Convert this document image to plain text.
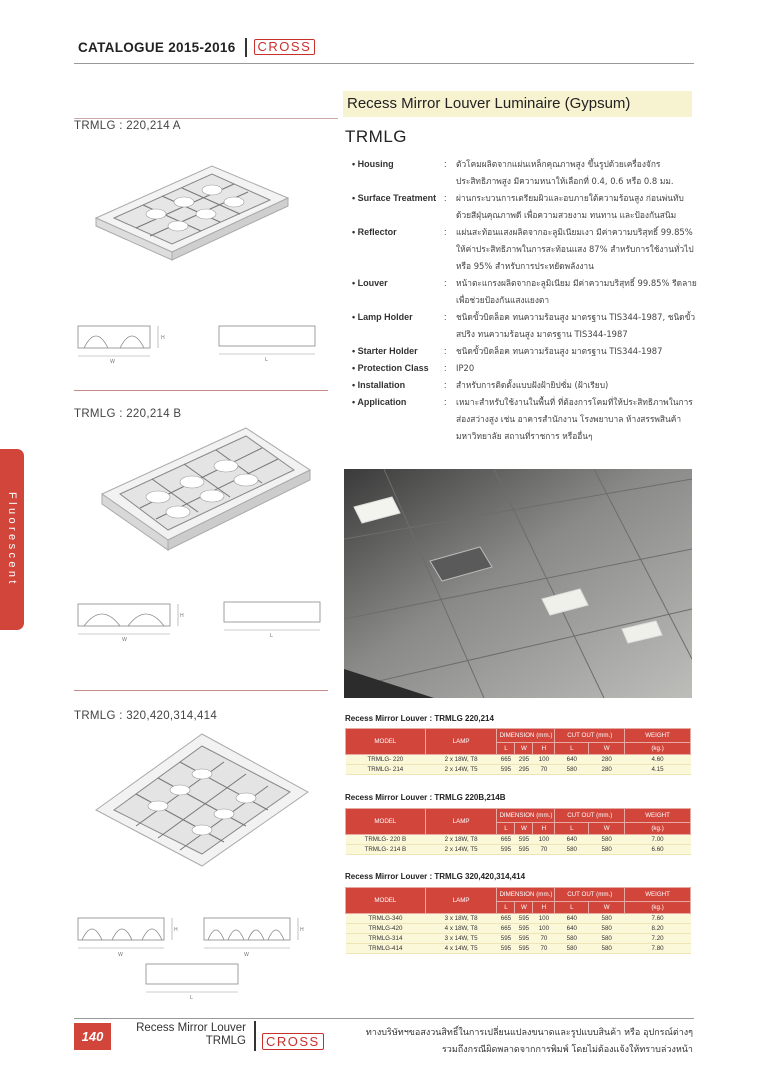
CATALOGUE 2015-2016	CROSS
Recess Mirror Louver Luminaire (Gypsum)
TRMLG
TRMLG : 220,214 A
W
H
L
TRMLG : 220,214 B
W
H
L
TRMLG : 320,420,314,414
W
H
W
H
L
• Housing	:	ตัวโคมผลิตจากแผ่นเหล็กคุณภาพสูง ขึ้นรูปด้วยเครื่องจักรประสิทธิภาพสูง มีความหนาให้เลือกที่ 0.4, 0.6 หรือ 0.8 มม.
• Surface Treatment :	ผ่านกระบวนการเตรียมผิวและอบภายใต้ความร้อนสูง ก่อนพ่นทับด้วยสีฝุ่นคุณภาพดี เพื่อความสวยงาม ทนทาน และป้องกันสนิม
• Reflector	:	แผ่นสะท้อนแสงผลิตจากอะลูมิเนียมเงา มีค่าความบริสุทธิ์ 99.85% ให้ค่าประสิทธิภาพในการสะท้อนแสง 87% สำหรับการใช้งานทั่วไป หรือ 95% สำหรับการประหยัดพลังงาน
• Louver	:	หน้าตะแกรงผลิตจากอะลูมิเนียม มีค่าความบริสุทธิ์ 99.85% รีดลายเพื่อช่วยป้องกันแสงแยงตา
• Lamp Holder	:	ชนิดขั้วบิดล็อค ทนความร้อนสูง มาตรฐาน TIS344-1987, ชนิดขั้วสปริง ทนความร้อนสูง มาตรฐาน TIS344-1987
• Starter Holder	:	ชนิดขั้วบิดล็อค ทนความร้อนสูง มาตรฐาน TIS344-1987
• Protection Class	:	IP20
• Installation	:	สำหรับการติดตั้งแบบฝังฝ้ายิปซั่ม (ฝ้าเรียบ)
• Application	:	เหมาะสำหรับใช้งานในพื้นที่ ที่ต้องการโคมที่ให้ประสิทธิภาพในการส่องสว่างสูง เช่น อาคารสำนักงาน โรงพยาบาล ห้างสรรพสินค้า มหาวิทยาลัย สถานที่ราชการ หรืออื่นๆ
Fluorescent
Recess Mirror Louver : TRMLG 220,214
MODEL	LAMP	DIMENSION (mm.)			CUT OUT (mm.)		WEIGHT
		L	W	H	L	W	(kg.)
TRMLG- 220	2 x 18W, T8	665	295	100	640	280	4.60
TRMLG- 214	2 x 14W, T5	595	295	70	580	280	4.15
Recess Mirror Louver : TRMLG 220B,214B
MODEL	LAMP	DIMENSION (mm.)			CUT OUT (mm.)		WEIGHT
		L	W	H	L	W	(kg.)
TRMLG- 220 B	2 x 18W, T8	665	595	100	640	580	7.00
TRMLG- 214 B	2 x 14W, T5	595	595	70	580	580	6.60
Recess Mirror Louver : TRMLG 320,420,314,414
MODEL	LAMP	DIMENSION (mm.)			CUT OUT (mm.)		WEIGHT
		L	W	H	L	W	(kg.)
TRMLG-340	3 x 18W, T8	665	595	100	640	580	7.60
TRMLG-420	4 x 18W, T8	665	595	100	640	580	8.20
TRMLG-314	3 x 14W, T5	595	595	70	580	580	7.20
TRMLG-414	4 x 14W, T5	595	595	70	580	580	7.80
140
Recess Mirror Louver
TRMLG	CROSS
ทางบริษัทฯขอสงวนสิทธิ์ในการเปลี่ยนแปลงขนาดและรูปแบบสินค้า หรือ อุปกรณ์ต่างๆ
รวมถึงกรณีผิดพลาดจากการพิมพ์ โดยไม่ต้องแจ้งให้ทราบล่วงหน้า
